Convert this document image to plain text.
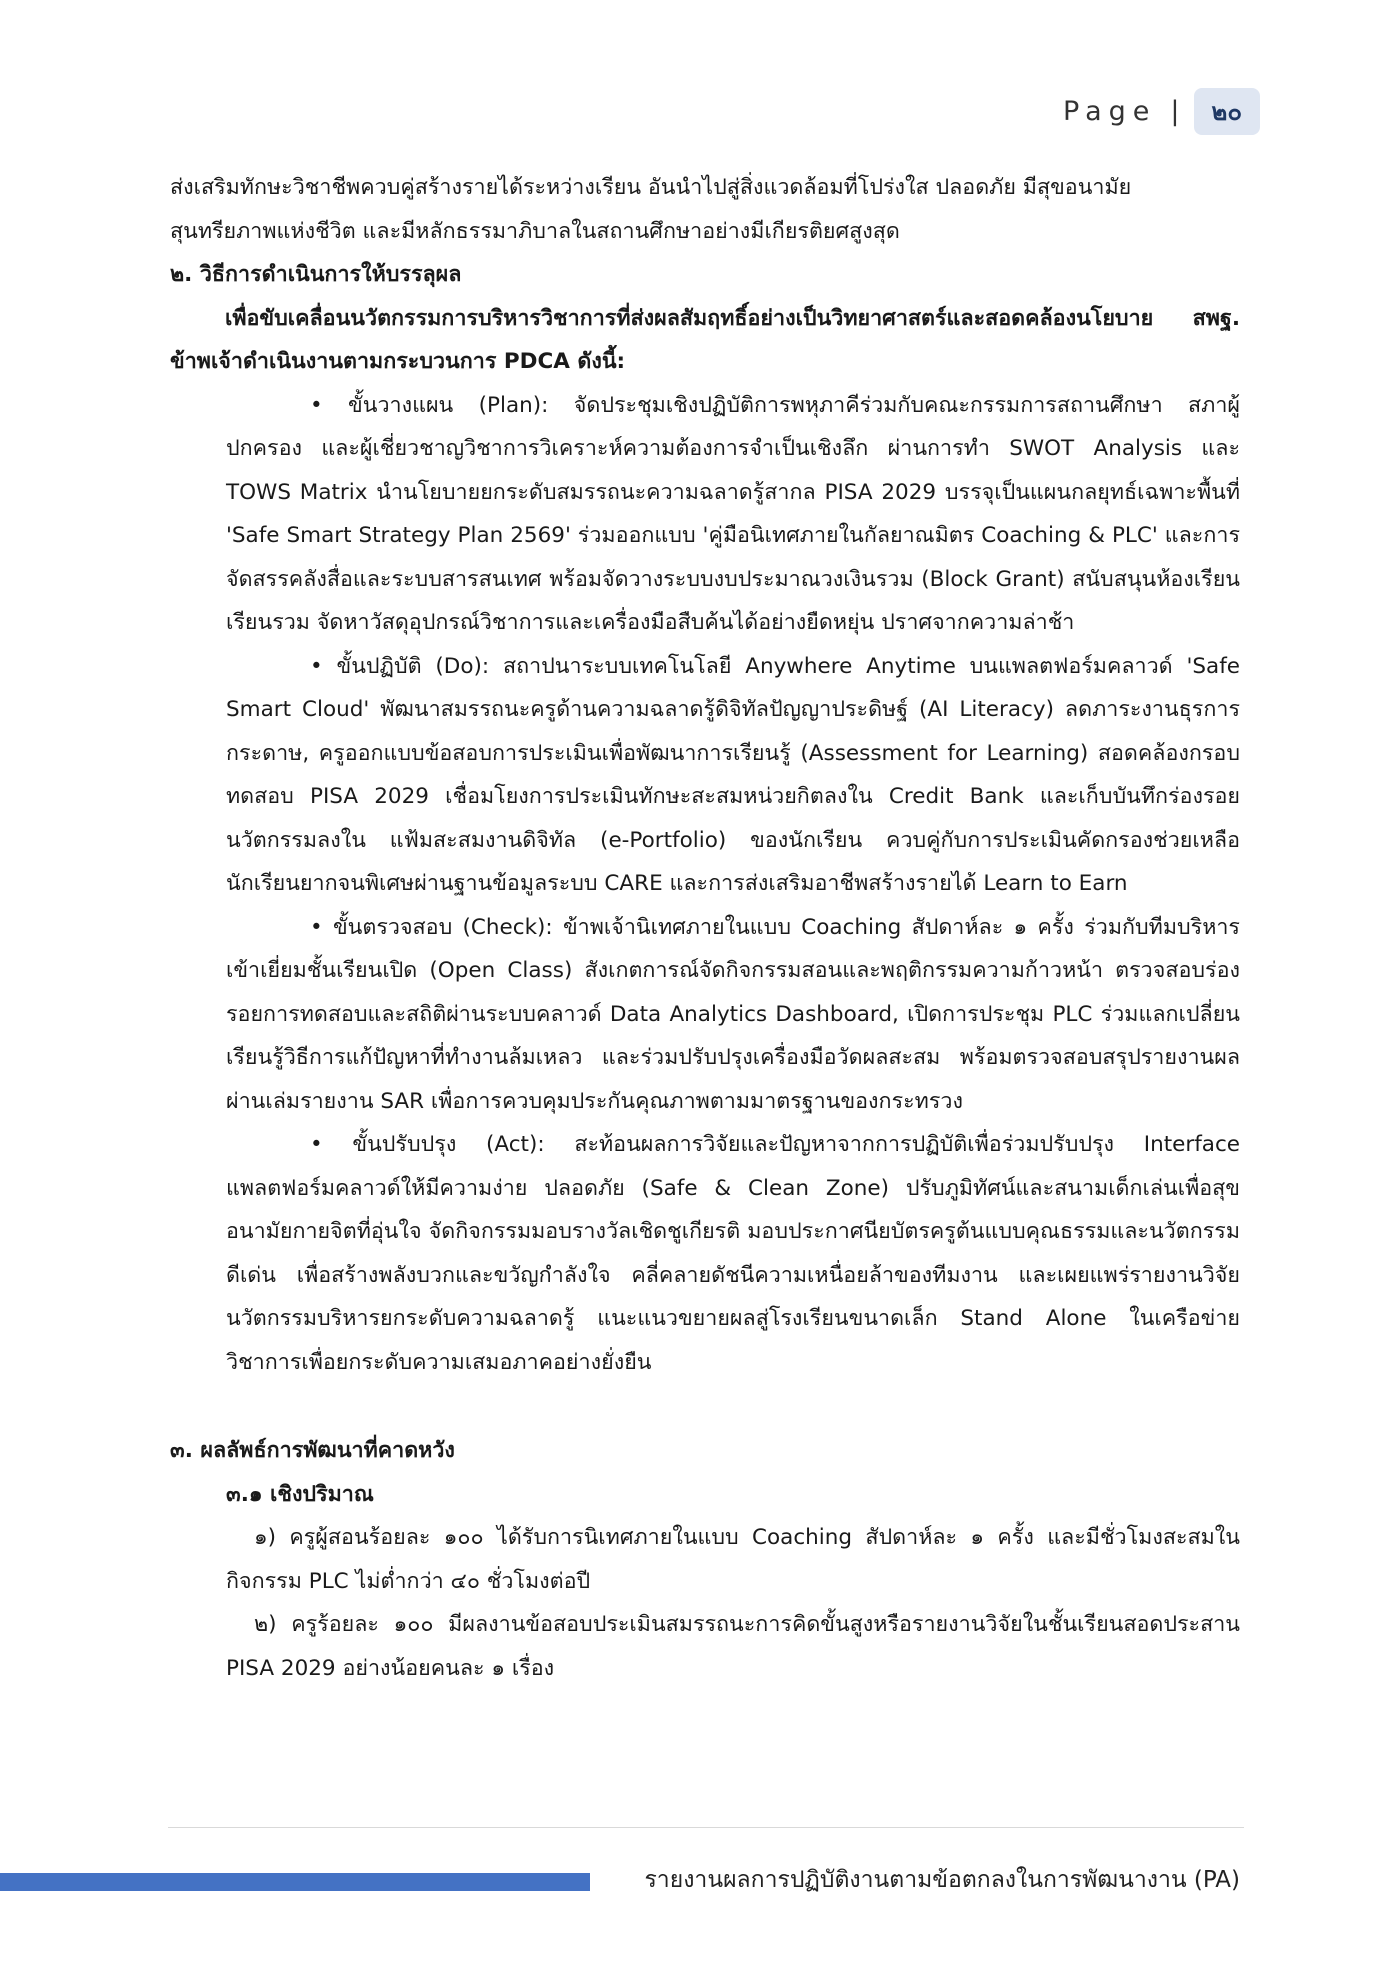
Page |	๒๐

ส่งเสริมทักษะวิชาชีพควบคู่สร้างรายได้ระหว่างเรียน อันนำไปสู่สิ่งแวดล้อมที่โปร่งใส ปลอดภัย มีสุขอนามัย

สุนทรียภาพแห่งชีวิต และมีหลักธรรมาภิบาลในสถานศึกษาอย่างมีเกียรติยศสูงสุด

๒. วิธีการดำเนินการให้บรรลุผล

เพื่อขับเคลื่อนนวัตกรรมการบริหารวิชาการที่ส่งผลสัมฤทธิ์อย่างเป็นวิทยาศาสตร์และสอดคล้องนโยบาย สพฐ. ข้าพเจ้าดำเนินงานตามกระบวนการ PDCA ดังนี้:

• ขั้นวางแผน (Plan): จัดประชุมเชิงปฏิบัติการพหุภาคีร่วมกับคณะกรรมการสถานศึกษา สภาผู้ปกครอง และผู้เชี่ยวชาญวิชาการวิเคราะห์ความต้องการจำเป็นเชิงลึก ผ่านการทำ SWOT Analysis และ TOWS Matrix นำนโยบายยกระดับสมรรถนะความฉลาดรู้สากล PISA 2029 บรรจุเป็นแผนกลยุทธ์เฉพาะพื้นที่ 'Safe Smart Strategy Plan 2569' ร่วมออกแบบ 'คู่มือนิเทศภายในกัลยาณมิตร Coaching & PLC' และการจัดสรรคลังสื่อและระบบสารสนเทศ พร้อมจัดวางระบบงบประมาณวงเงินรวม (Block Grant) สนับสนุนห้องเรียนเรียนรวม จัดหาวัสดุอุปกรณ์วิชาการและเครื่องมือสืบค้นได้อย่างยืดหยุ่น ปราศจากความล่าช้า

• ขั้นปฏิบัติ (Do): สถาปนาระบบเทคโนโลยี Anywhere Anytime บนแพลตฟอร์มคลาวด์ 'Safe Smart Cloud' พัฒนาสมรรถนะครูด้านความฉลาดรู้ดิจิทัลปัญญาประดิษฐ์ (AI Literacy) ลดภาระงานธุรการกระดาษ, ครูออกแบบข้อสอบการประเมินเพื่อพัฒนาการเรียนรู้ (Assessment for Learning) สอดคล้องกรอบทดสอบ PISA 2029 เชื่อมโยงการประเมินทักษะสะสมหน่วยกิตลงใน Credit Bank และเก็บบันทึกร่องรอยนวัตกรรมลงใน แฟ้มสะสมงานดิจิทัล (e-Portfolio) ของนักเรียน ควบคู่กับการประเมินคัดกรองช่วยเหลือนักเรียนยากจนพิเศษผ่านฐานข้อมูลระบบ CARE และการส่งเสริมอาชีพสร้างรายได้ Learn to Earn

• ขั้นตรวจสอบ (Check): ข้าพเจ้านิเทศภายในแบบ Coaching สัปดาห์ละ ๑ ครั้ง ร่วมกับทีมบริหารเข้าเยี่ยมชั้นเรียนเปิด (Open Class) สังเกตการณ์จัดกิจกรรมสอนและพฤติกรรมความก้าวหน้า ตรวจสอบร่องรอยการทดสอบและสถิติผ่านระบบคลาวด์ Data Analytics Dashboard, เปิดการประชุม PLC ร่วมแลกเปลี่ยนเรียนรู้วิธีการแก้ปัญหาที่ทำงานล้มเหลว และร่วมปรับปรุงเครื่องมือวัดผลสะสม พร้อมตรวจสอบสรุปรายงานผลผ่านเล่มรายงาน SAR เพื่อการควบคุมประกันคุณภาพตามมาตรฐานของกระทรวง

• ขั้นปรับปรุง (Act): สะท้อนผลการวิจัยและปัญหาจากการปฏิบัติเพื่อร่วมปรับปรุง Interface แพลตฟอร์มคลาวด์ให้มีความง่าย ปลอดภัย (Safe & Clean Zone) ปรับภูมิทัศน์และสนามเด็กเล่นเพื่อสุขอนามัยกายจิตที่อุ่นใจ จัดกิจกรรมมอบรางวัลเชิดชูเกียรติ มอบประกาศนียบัตรครูต้นแบบคุณธรรมและนวัตกรรมดีเด่น เพื่อสร้างพลังบวกและขวัญกำลังใจ คลี่คลายดัชนีความเหนื่อยล้าของทีมงาน และเผยแพร่รายงานวิจัยนวัตกรรมบริหารยกระดับความฉลาดรู้ แนะแนวขยายผลสู่โรงเรียนขนาดเล็ก Stand Alone ในเครือข่ายวิชาการเพื่อยกระดับความเสมอภาคอย่างยั่งยืน

๓. ผลลัพธ์การพัฒนาที่คาดหวัง

๓.๑ เชิงปริมาณ

๑) ครูผู้สอนร้อยละ ๑๐๐ ได้รับการนิเทศภายในแบบ Coaching สัปดาห์ละ ๑ ครั้ง และมีชั่วโมงสะสมในกิจกรรม PLC ไม่ต่ำกว่า ๔๐ ชั่วโมงต่อปี

๒) ครูร้อยละ ๑๐๐ มีผลงานข้อสอบประเมินสมรรถนะการคิดขั้นสูงหรือรายงานวิจัยในชั้นเรียนสอดประสาน PISA 2029 อย่างน้อยคนละ ๑ เรื่อง

รายงานผลการปฏิบัติงานตามข้อตกลงในการพัฒนางาน (PA)
